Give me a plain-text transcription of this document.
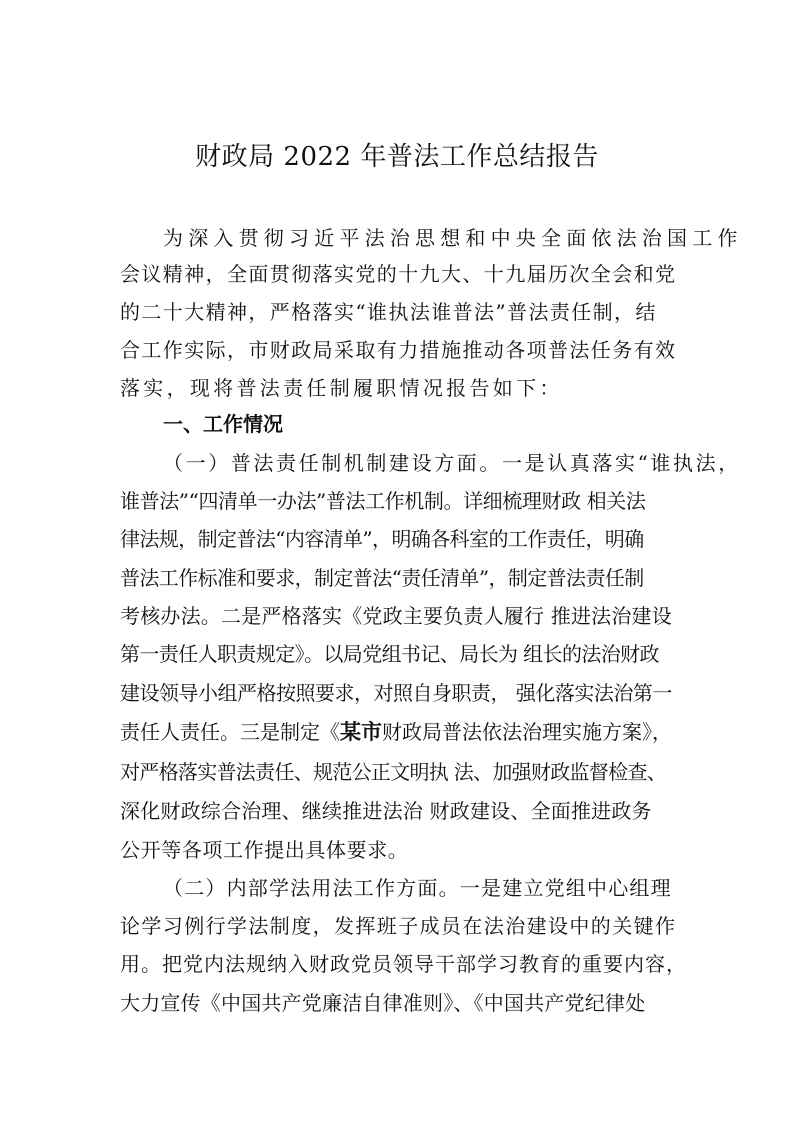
财政局 2022 年普法工作总结报告
为深入贯彻习近平法治思想和中央全面依法治国工作
会议精神，全面贯彻落实党的十九大、十九届历次全会和党
的二十大精神，严格落实“谁执法谁普法”普法责任制，结
合工作实际，市财政局采取有力措施推动各项普法任务有效
落实，现将普法责任制履职情况报告如下：
一、工作情况
（一）普法责任制机制建设方面。一是认真落实“谁执法，
谁普法”“四清单一办法”普法工作机制。详细梳理财政 相关法
律法规，制定普法“内容清单”，明确各科室的工作责任，明确
普法工作标准和要求，制定普法“责任清单”，制定普法责任制
考核办法。二是严格落实《党政主要负责人履行 推进法治建设
第一责任人职责规定》。以局党组书记、局长为 组长的法治财政
建设领导小组严格按照要求，对照自身职责， 强化落实法治第一
责任人责任。三是制定《某市财政局普法依法治理实施方案》，
对严格落实普法责任、规范公正文明执 法、加强财政监督检查、
深化财政综合治理、继续推进法治 财政建设、全面推进政务
公开等各项工作提出具体要求。
（二）内部学法用法工作方面。一是建立党组中心组理
论学习例行学法制度，发挥班子成员在法治建设中的关键作
用。把党内法规纳入财政党员领导干部学习教育的重要内容，
大力宣传《中国共产党廉洁自律准则》、《中国共产党纪律处
